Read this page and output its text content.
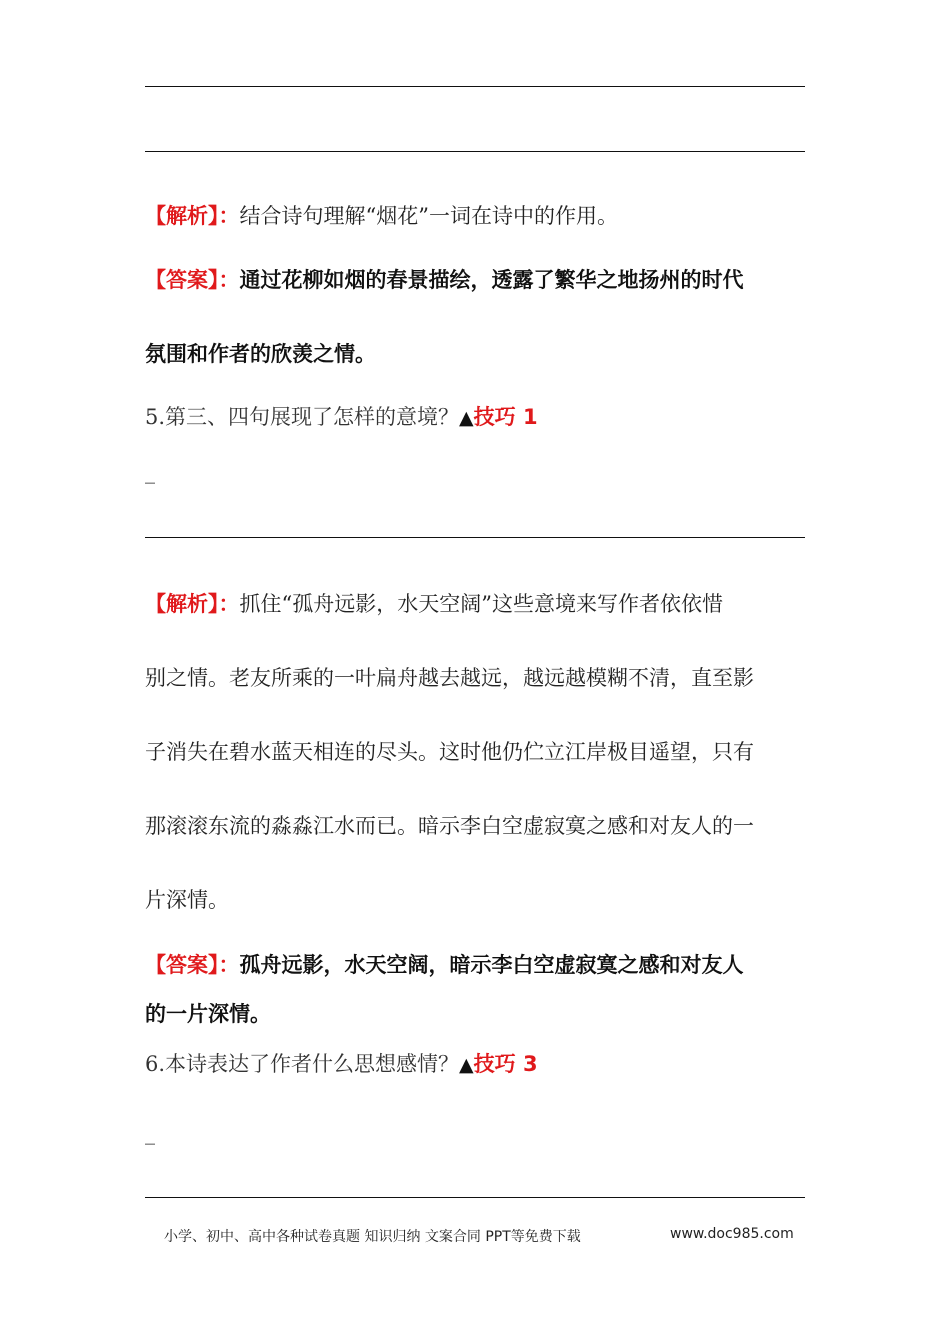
【解析】：结合诗句理解“烟花”一词在诗中的作用。
【答案】：通过花柳如烟的春景描绘，透露了繁华之地扬州的时代
氛围和作者的欣羡之情。
5.第三、四句展现了怎样的意境？▲技巧 1
_
【解析】：抓住“孤舟远影，水天空阔”这些意境来写作者依依惜
别之情。老友所乘的一叶扁舟越去越远，越远越模糊不清，直至影
子消失在碧水蓝天相连的尽头。这时他仍伫立江岸极目遥望，只有
那滚滚东流的淼淼江水而已。暗示李白空虚寂寞之感和对友人的一
片深情。
【答案】：孤舟远影，水天空阔，暗示李白空虚寂寞之感和对友人
的一片深情。
6.本诗表达了作者什么思想感情？▲技巧 3
_
小学、初中、高中各种试卷真题 知识归纳 文案合同 PPT等免费下载	www.doc985.com
